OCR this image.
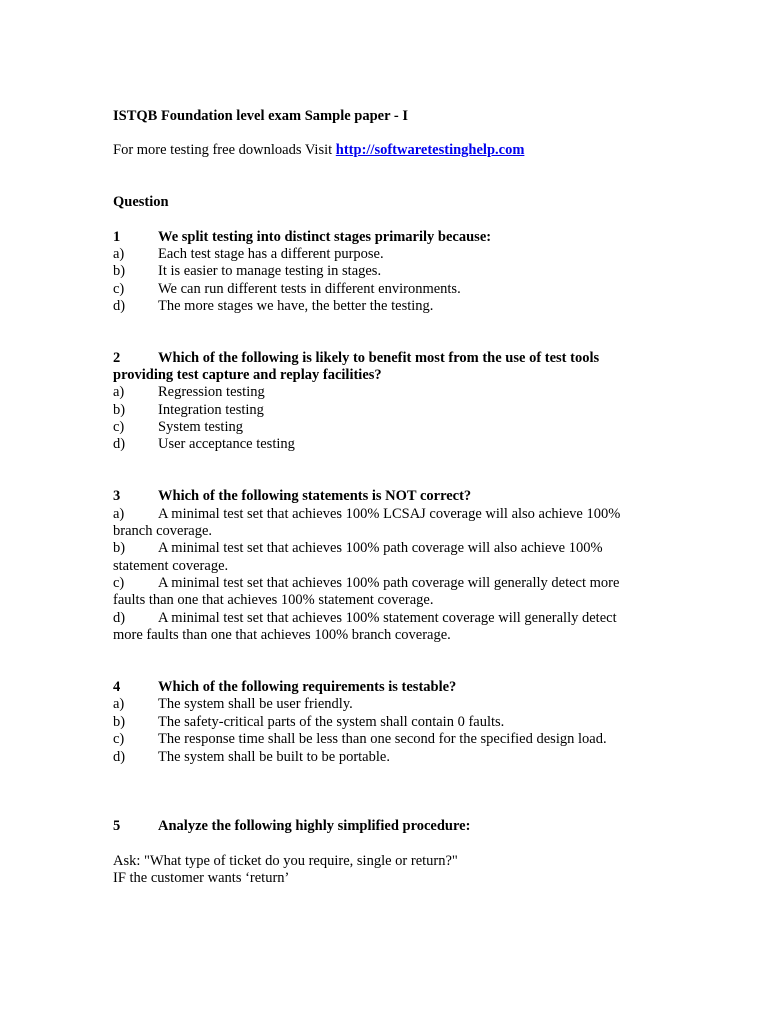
ISTQB Foundation level exam Sample paper - I
For more testing free downloads Visit http://softwaretestinghelp.com
Question
1	We split testing into distinct stages primarily because:
a) Each test stage has a different purpose.
b) It is easier to manage testing in stages.
c) We can run different tests in different environments.
d) The more stages we have, the better the testing.
2	Which of the following is likely to benefit most from the use of test tools
providing test capture and replay facilities?
a) Regression testing
b) Integration testing
c) System testing
d) User acceptance testing
3	Which of the following statements is NOT correct?
a) A minimal test set that achieves 100% LCSAJ coverage will also achieve 100%
branch coverage.
b) A minimal test set that achieves 100% path coverage will also achieve 100%
statement coverage.
c) A minimal test set that achieves 100% path coverage will generally detect more
faults than one that achieves 100% statement coverage.
d) A minimal test set that achieves 100% statement coverage will generally detect
more faults than one that achieves 100% branch coverage.
4	Which of the following requirements is testable?
a) The system shall be user friendly.
b) The safety-critical parts of the system shall contain 0 faults.
c) The response time shall be less than one second for the specified design load.
d) The system shall be built to be portable.
5	Analyze the following highly simplified procedure:
Ask: "What type of ticket do you require, single or return?"
IF the customer wants ‘return’
